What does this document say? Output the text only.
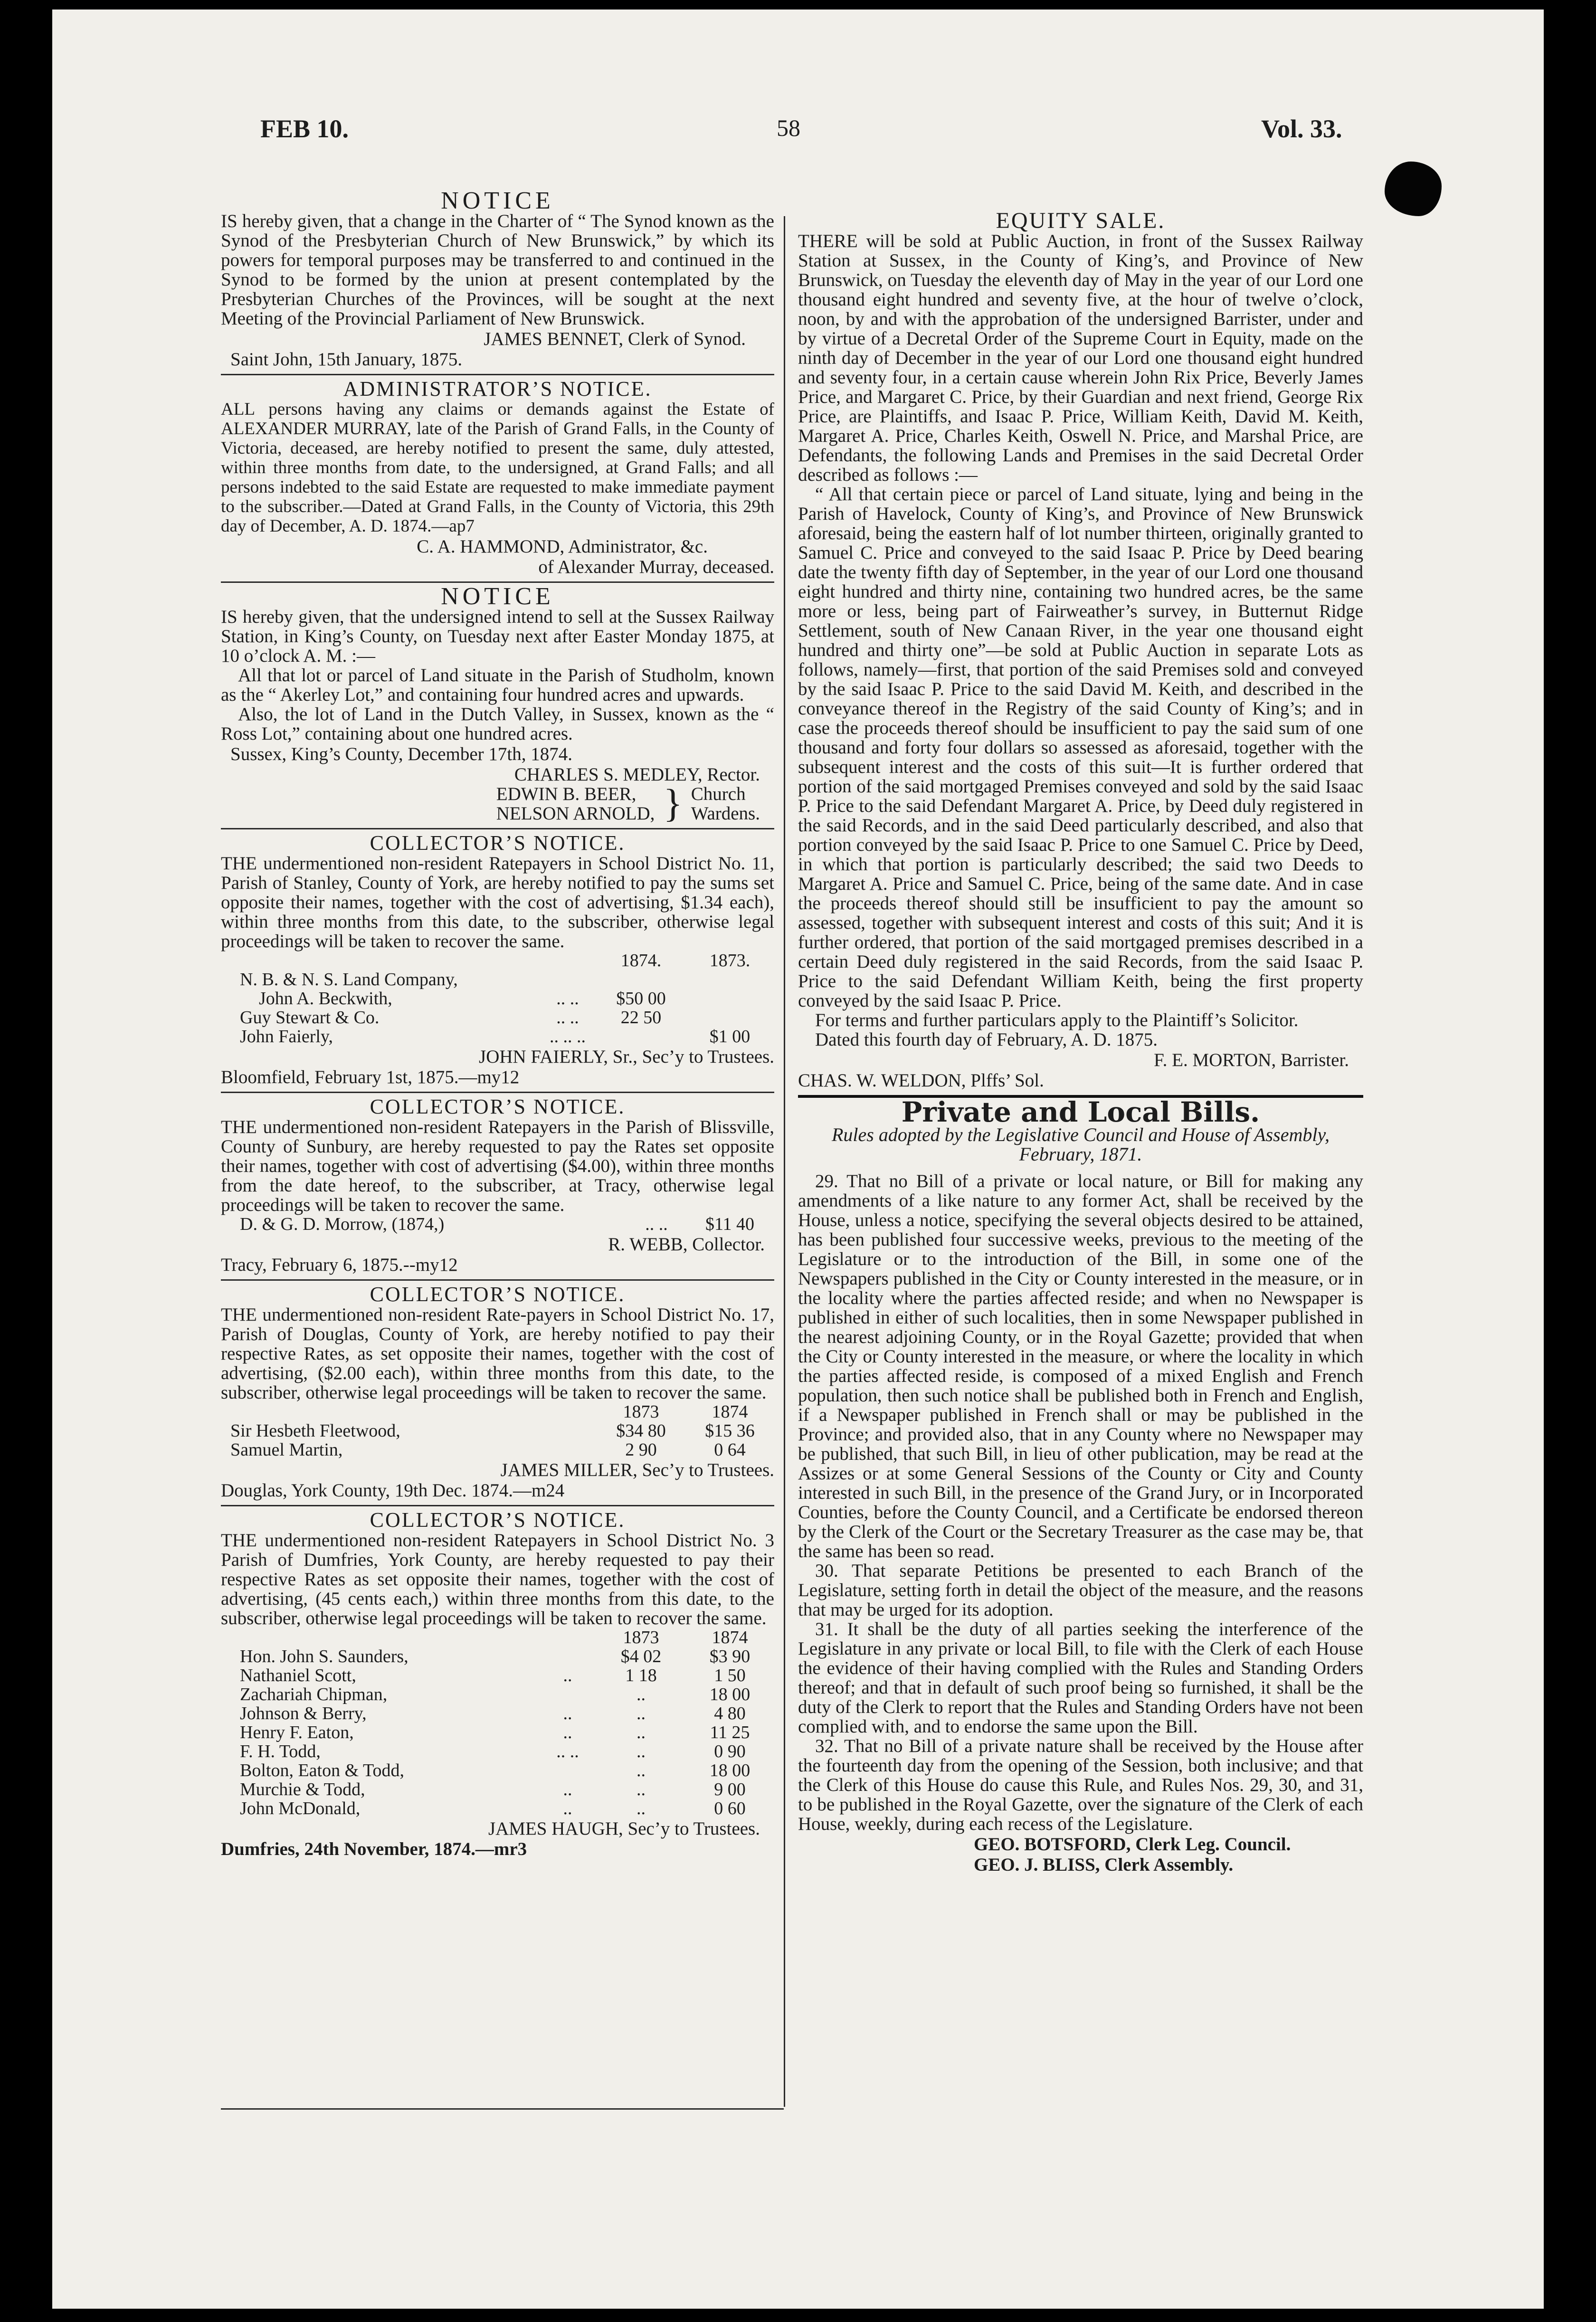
FEB 10.	58	Vol. 33.
NOTICE

IS hereby given, that a change in the Charter of “ The Synod known as the Synod of the Presbyterian Church of New Brunswick,” by which its powers for temporal purposes may be transferred to and continued in the Synod to be formed by the union at present contemplated by the Presbyterian Churches of the Provinces, will be sought at the next Meeting of the Provincial Parliament of New Brunswick.

JAMES BENNET, Clerk of Synod.
Saint John, 15th January, 1875.
ADMINISTRATOR’S NOTICE.

ALL persons having any claims or demands against the Estate of ALEXANDER MURRAY, late of the Parish of Grand Falls, in the County of Victoria, deceased, are hereby notified to present the same, duly attested, within three months from date, to the undersigned, at Grand Falls; and all persons indebted to the said Estate are requested to make immediate payment to the subscriber.—Dated at Grand Falls, in the County of Victoria, this 29th day of December, A. D. 1874.—ap7

C. A. HAMMOND, Administrator, &c.
of Alexander Murray, deceased.
NOTICE

IS hereby given, that the undersigned intend to sell at the Sussex Railway Station, in King’s County, on Tuesday next after Easter Monday 1875, at 10 o’clock A. M. :—

All that lot or parcel of Land situate in the Parish of Studholm, known as the “ Akerley Lot,” and containing four hundred acres and upwards.

Also, the lot of Land in the Dutch Valley, in Sussex, known as the “ Ross Lot,” containing about one hundred acres.

Sussex, King’s County, December 17th, 1874.
CHARLES S. MEDLEY, Rector.
EDWIN B. BEER,
NELSON ARNOLD, } Church
Wardens.
COLLECTOR’S NOTICE.

THE undermentioned non-resident Ratepayers in School District No. 11, Parish of Stanley, County of York, are hereby notified to pay the sums set opposite their names, together with the cost of advertising, $1.34 each), within three months from this date, to the subscriber, otherwise legal proceedings will be taken to recover the same.

		1874.	1873.
N. B. & N. S. Land Company,			
John A. Beckwith,	.. ..	$50 00	
Guy Stewart & Co.	.. ..	22 50	
John Faierly,	.. .. ..		$1 00
JOHN FAIERLY, Sr., Sec’y to Trustees.
Bloomfield, February 1st, 1875.—my12
COLLECTOR’S NOTICE.

THE undermentioned non-resident Ratepayers in the Parish of Blissville, County of Sunbury, are hereby requested to pay the Rates set opposite their names, together with cost of advertising ($4.00), within three months from the date hereof, to the subscriber, at Tracy, otherwise legal proceedings will be taken to recover the same.

D. & G. D. Morrow, (1874,)	.. ..	$11 40
R. WEBB, Collector.
Tracy, February 6, 1875.--my12
COLLECTOR’S NOTICE.

THE undermentioned non-resident Rate-payers in School District No. 17, Parish of Douglas, County of York, are hereby notified to pay their respective Rates, as set opposite their names, together with the cost of advertising, ($2.00 each), within three months from this date, to the subscriber, otherwise legal proceedings will be taken to recover the same.

	1873	1874
Sir Hesbeth Fleetwood,	$34 80	$15 36
Samuel Martin,	2 90	0 64
JAMES MILLER, Sec’y to Trustees.
Douglas, York County, 19th Dec. 1874.—m24
COLLECTOR’S NOTICE.

THE undermentioned non-resident Ratepayers in School District No. 3 Parish of Dumfries, York County, are hereby requested to pay their respective Rates as set opposite their names, together with the cost of advertising, (45 cents each,) within three months from this date, to the subscriber, otherwise legal proceedings will be taken to recover the same.

		1873	1874
Hon. John S. Saunders,		$4 02	$3 90
Nathaniel Scott,	..	1 18	1 50
Zachariah Chipman,		..	18 00
Johnson & Berry,	..	..	4 80
Henry F. Eaton,	..	..	11 25
F. H. Todd,	.. ..	..	0 90
Bolton, Eaton & Todd,		..	18 00
Murchie & Todd,	..	..	9 00
John McDonald,	..	..	0 60
JAMES HAUGH, Sec’y to Trustees.
Dumfries, 24th November, 1874.—mr3
EQUITY SALE.

THERE will be sold at Public Auction, in front of the Sussex Railway Station at Sussex, in the County of King’s, and Province of New Brunswick, on Tuesday the eleventh day of May in the year of our Lord one thousand eight hundred and seventy five, at the hour of twelve o’clock, noon, by and with the approbation of the undersigned Barrister, under and by virtue of a Decretal Order of the Supreme Court in Equity, made on the ninth day of December in the year of our Lord one thousand eight hundred and seventy four, in a certain cause wherein John Rix Price, Beverly James Price, and Margaret C. Price, by their Guardian and next friend, George Rix Price, are Plaintiffs, and Isaac P. Price, William Keith, David M. Keith, Margaret A. Price, Charles Keith, Oswell N. Price, and Marshal Price, are Defendants, the following Lands and Premises in the said Decretal Order described as follows :—

“ All that certain piece or parcel of Land situate, lying and being in the Parish of Havelock, County of King’s, and Province of New Brunswick aforesaid, being the eastern half of lot number thirteen, originally granted to Samuel C. Price and conveyed to the said Isaac P. Price by Deed bearing date the twenty fifth day of September, in the year of our Lord one thousand eight hundred and thirty nine, containing two hundred acres, be the same more or less, being part of Fairweather’s survey, in Butternut Ridge Settlement, south of New Canaan River, in the year one thousand eight hundred and thirty one”—be sold at Public Auction in separate Lots as follows, namely—first, that portion of the said Premises sold and conveyed by the said Isaac P. Price to the said David M. Keith, and described in the conveyance thereof in the Registry of the said County of King’s; and in case the proceeds thereof should be insufficient to pay the said sum of one thousand and forty four dollars so assessed as aforesaid, together with the subsequent interest and the costs of this suit—It is further ordered that portion of the said mortgaged Premises conveyed and sold by the said Isaac P. Price to the said Defendant Margaret A. Price, by Deed duly registered in the said Records, and in the said Deed particularly described, and also that portion conveyed by the said Isaac P. Price to one Samuel C. Price by Deed, in which that portion is particularly described; the said two Deeds to Margaret A. Price and Samuel C. Price, being of the same date. And in case the proceeds thereof should still be insufficient to pay the amount so assessed, together with subsequent interest and costs of this suit; And it is further ordered, that portion of the said mortgaged premises described in a certain Deed duly registered in the said Records, from the said Isaac P. Price to the said Defendant William Keith, being the first property conveyed by the said Isaac P. Price.

For terms and further particulars apply to the Plaintiff’s Solicitor.

Dated this fourth day of February, A. D. 1875.

F. E. MORTON, Barrister.
CHAS. W. WELDON, Plffs’ Sol.
Private and Local Bills.
Rules adopted by the Legislative Council and House of Assembly, February, 1871.

29. That no Bill of a private or local nature, or Bill for making any amendments of a like nature to any former Act, shall be received by the House, unless a notice, specifying the several objects desired to be attained, has been published four successive weeks, previous to the meeting of the Legislature or to the introduction of the Bill, in some one of the Newspapers published in the City or County interested in the measure, or in the locality where the parties affected reside; and when no Newspaper is published in either of such localities, then in some Newspaper published in the nearest adjoining County, or in the Royal Gazette; provided that when the City or County interested in the measure, or where the locality in which the parties affected reside, is composed of a mixed English and French population, then such notice shall be published both in French and English, if a Newspaper published in French shall or may be published in the Province; and provided also, that in any County where no Newspaper may be published, that such Bill, in lieu of other publication, may be read at the Assizes or at some General Sessions of the County or City and County interested in such Bill, in the presence of the Grand Jury, or in Incorporated Counties, before the County Council, and a Certificate be endorsed thereon by the Clerk of the Court or the Secretary Treasurer as the case may be, that the same has been so read.

30. That separate Petitions be presented to each Branch of the Legislature, setting forth in detail the object of the measure, and the reasons that may be urged for its adoption.

31. It shall be the duty of all parties seeking the interference of the Legislature in any private or local Bill, to file with the Clerk of each House the evidence of their having complied with the Rules and Standing Orders thereof; and that in default of such proof being so furnished, it shall be the duty of the Clerk to report that the Rules and Standing Orders have not been complied with, and to endorse the same upon the Bill.

32. That no Bill of a private nature shall be received by the House after the fourteenth day from the opening of the Session, both inclusive; and that the Clerk of this House do cause this Rule, and Rules Nos. 29, 30, and 31, to be published in the Royal Gazette, over the signature of the Clerk of each House, weekly, during each recess of the Legislature.

GEO. BOTSFORD, Clerk Leg. Council.
GEO. J. BLISS, Clerk Assembly.
